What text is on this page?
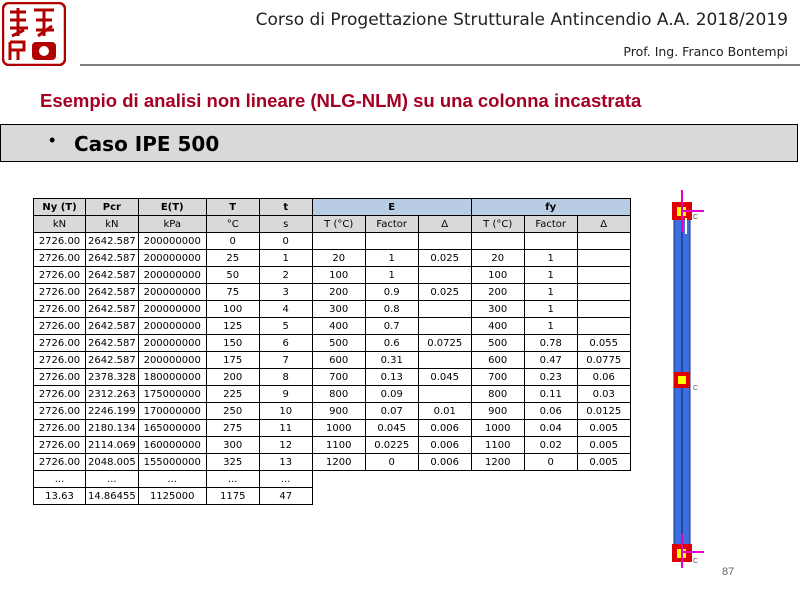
Corso di Progettazione Strutturale Antincendio A.A. 2018/2019
Prof. Ing. Franco Bontempi
Esempio di analisi non lineare (NLG-NLM) su una colonna incastrata
• Caso IPE 500
Ny (T)	Pcr	E(T)	T	t	E			fy		
kN	kN	kPa	°C	s	T (°C)	Factor	Δ	T (°C)	Factor	Δ
2726.00	2642.587	200000000	0	0						
2726.00	2642.587	200000000	25	1	20	1	0.025	20	1	
2726.00	2642.587	200000000	50	2	100	1		100	1	
2726.00	2642.587	200000000	75	3	200	0.9	0.025	200	1	
2726.00	2642.587	200000000	100	4	300	0.8		300	1	
2726.00	2642.587	200000000	125	5	400	0.7		400	1	
2726.00	2642.587	200000000	150	6	500	0.6	0.0725	500	0.78	0.055
2726.00	2642.587	200000000	175	7	600	0.31		600	0.47	0.0775
2726.00	2378.328	180000000	200	8	700	0.13	0.045	700	0.23	0.06
2726.00	2312.263	175000000	225	9	800	0.09		800	0.11	0.03
2726.00	2246.199	170000000	250	10	900	0.07	0.01	900	0.06	0.0125
2726.00	2180.134	165000000	275	11	1000	0.045	0.006	1000	0.04	0.005
2726.00	2114.069	160000000	300	12	1100	0.0225	0.006	1100	0.02	0.005
2726.00	2048.005	155000000	325	13	1200	0	0.006	1200	0	0.005
...	...	...	...	...						
13.63	14.86455	1125000	1175	47						
C
C
C
87
